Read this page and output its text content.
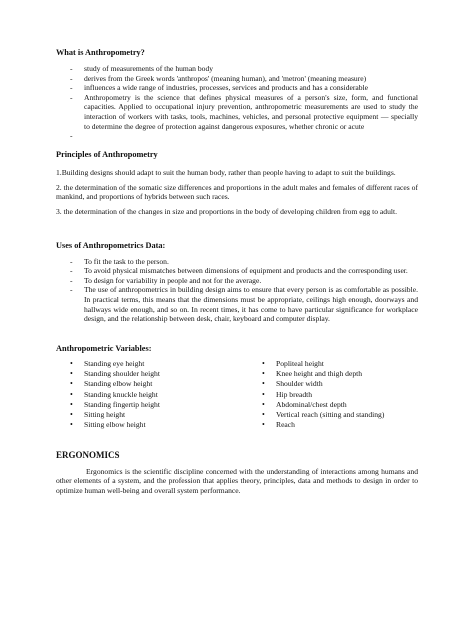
What is Anthropometry?
- study of measurements of the human body
- derives from the Greek words 'anthropos' (meaning human), and 'metron' (meaning measure)
- influences a wide range of industries, processes, services and products and has a considerable
- Anthropometry is the science that defines physical measures of a person's size, form, and functional capacities. Applied to occupational injury prevention, anthropometric measurements are used to study the interaction of workers with tasks, tools, machines, vehicles, and personal protective equipment — specially to determine the degree of protection against dangerous exposures, whether chronic or acute
-
Principles of Anthropometry

1.Building designs should adapt to suit the human body, rather than people having to adapt to suit the buildings.

2. the determination of the somatic size differences and proportions in the adult males and females of different races of mankind, and proportions of hybrids between such races.

3. the determination of the changes in size and proportions in the body of developing children from egg to adult.

Uses of Anthropometrics Data:
- To fit the task to the person.
- To avoid physical mismatches between dimensions of equipment and products and the corresponding user.
- To design for variability in people and not for the average.
- The use of anthropometrics in building design aims to ensure that every person is as comfortable as possible. In practical terms, this means that the dimensions must be appropriate, ceilings high enough, doorways and hallways wide enough, and so on. In recent times, it has come to have particular significance for workplace design, and the relationship between desk, chair, keyboard and computer display.
Anthropometric Variables:
• Standing eye height
• Standing shoulder height
• Standing elbow height
• Standing knuckle height
• Standing fingertip height
• Sitting height
• Sitting elbow height
• Popliteal height
• Knee height and thigh depth
• Shoulder width
• Hip breadth
• Abdominal/chest depth
• Vertical reach (sitting and standing)
• Reach
ERGONOMICS

Ergonomics is the scientific discipline concerned with the understanding of interactions among humans and other elements of a system, and the profession that applies theory, principles, data and methods to design in order to optimize human well-being and overall system performance.
